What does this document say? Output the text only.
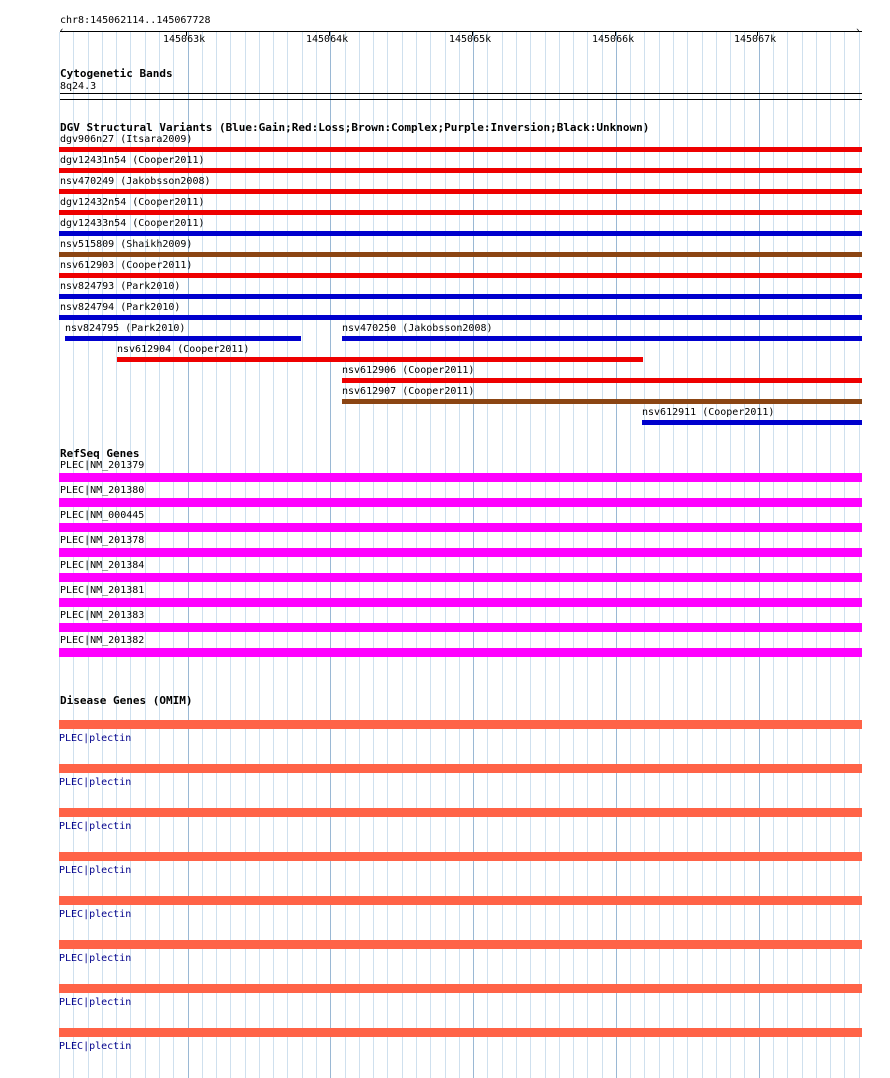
chr8:145062114..145067728
‹	›
145063k	145064k	145065k	145066k	145067k
Cytogenetic Bands
8q24.3
DGV Structural Variants (Blue:Gain;Red:Loss;Brown:Complex;Purple:Inversion;Black:Unknown)
dgv906n27 (Itsara2009)
dgv12431n54 (Cooper2011)
nsv470249 (Jakobsson2008)
dgv12432n54 (Cooper2011)
dgv12433n54 (Cooper2011)
nsv515809 (Shaikh2009)
nsv612903 (Cooper2011)
nsv824793 (Park2010)
nsv824794 (Park2010)
nsv824795 (Park2010)	nsv470250 (Jakobsson2008)
nsv612904 (Cooper2011)
nsv612906 (Cooper2011)
nsv612907 (Cooper2011)
nsv612911 (Cooper2011)
RefSeq Genes
PLEC|NM_201379
PLEC|NM_201380
PLEC|NM_000445
PLEC|NM_201378
PLEC|NM_201384
PLEC|NM_201381
PLEC|NM_201383
PLEC|NM_201382
Disease Genes (OMIM)
PLEC|plectin
PLEC|plectin
PLEC|plectin
PLEC|plectin
PLEC|plectin
PLEC|plectin
PLEC|plectin
PLEC|plectin
